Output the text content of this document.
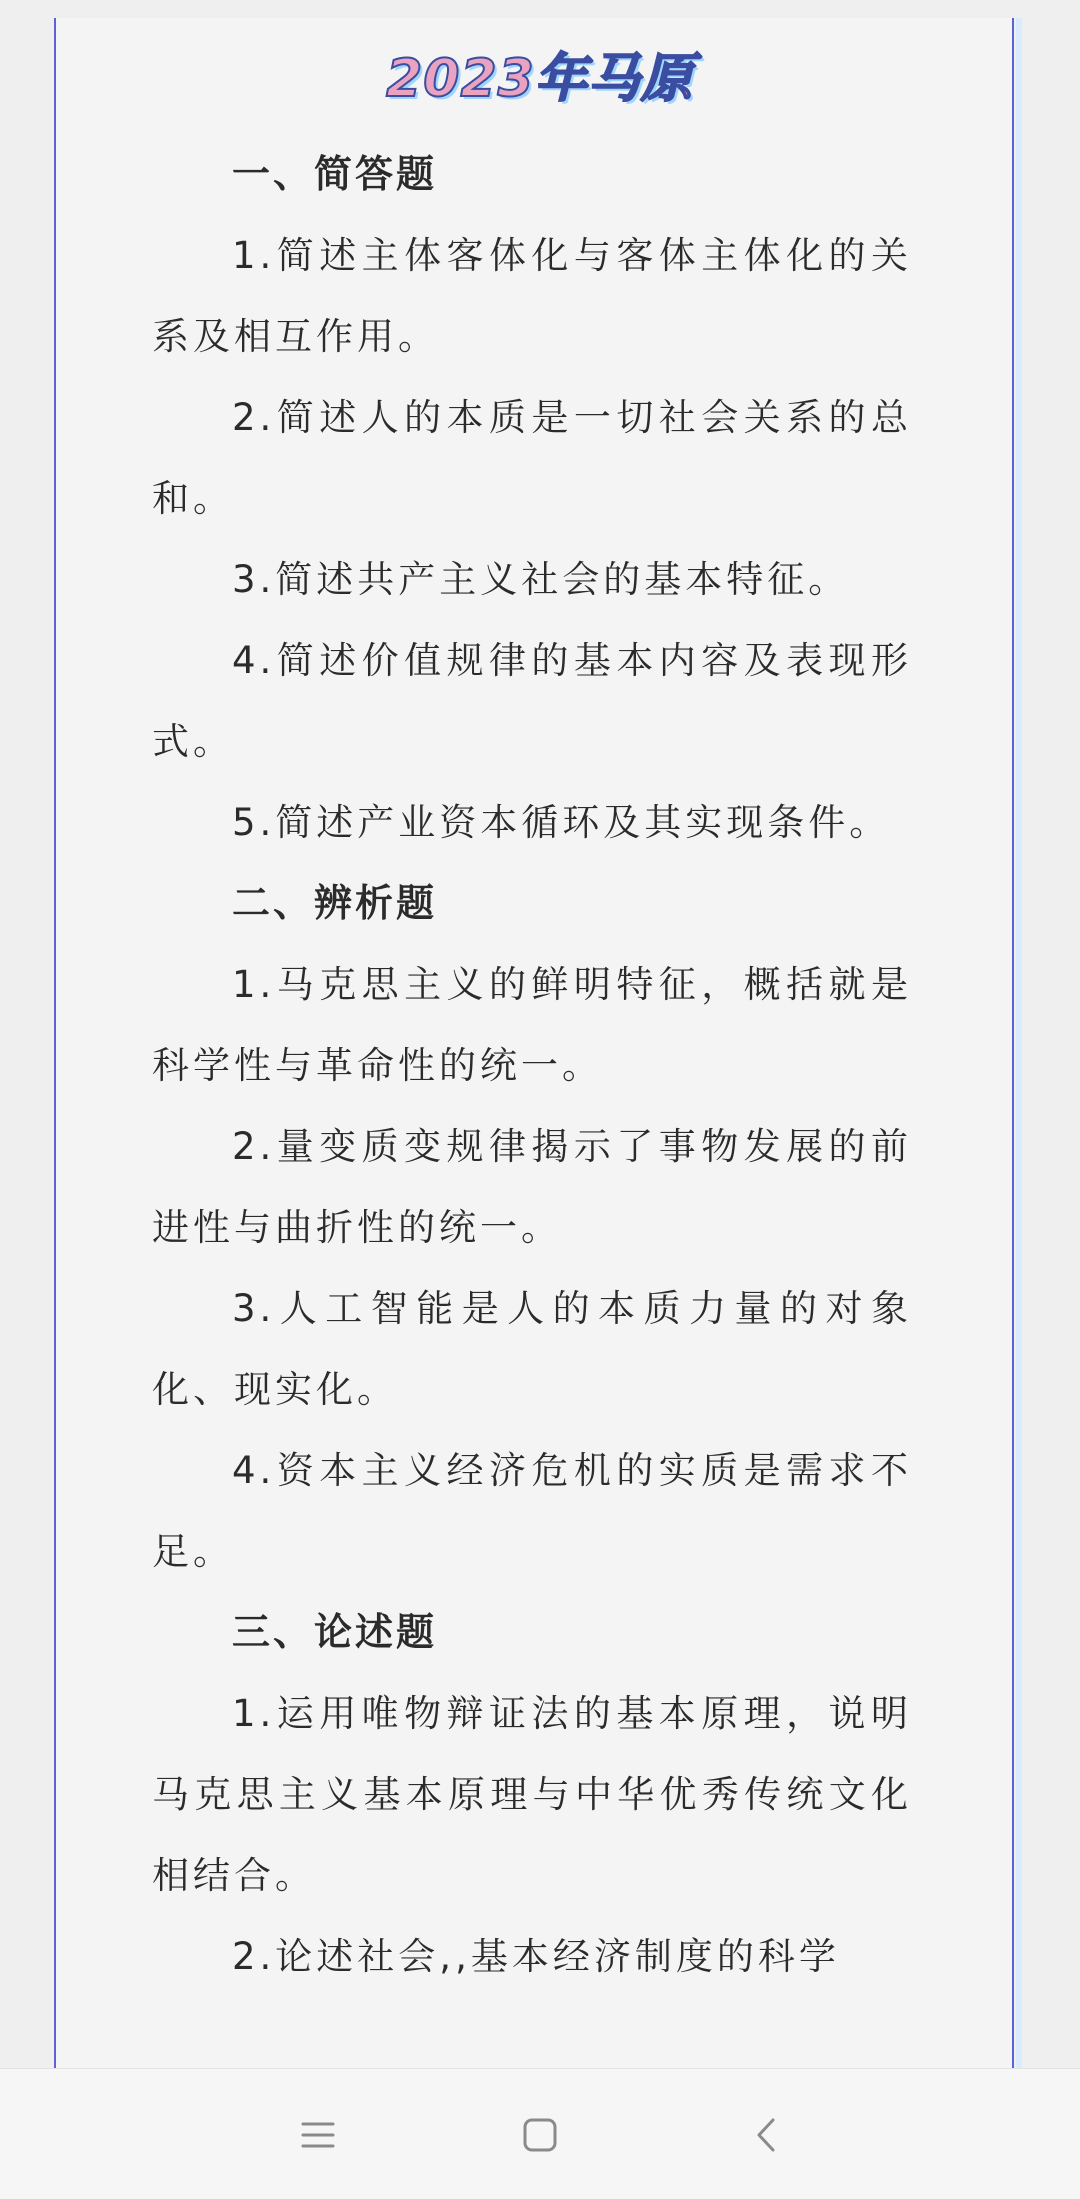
2023年马原
一、简答题

1.简述主体客体化与客体主体化的关系及相互作用。

2.简述人的本质是一切社会关系的总和。

3.简述共产主义社会的基本特征。

4.简述价值规律的基本内容及表现形式。

5.简述产业资本循环及其实现条件。

二、辨析题

1.马克思主义的鲜明特征，概括就是科学性与革命性的统一。

2.量变质变规律揭示了事物发展的前进性与曲折性的统一。

3.人工智能是人的本质力量的对象化、现实化。

4.资本主义经济危机的实质是需求不足。

三、论述题

1.运用唯物辩证法的基本原理，说明马克思主义基本原理与中华优秀传统文化相结合。

2.论述社会,,基本经济制度的科学
